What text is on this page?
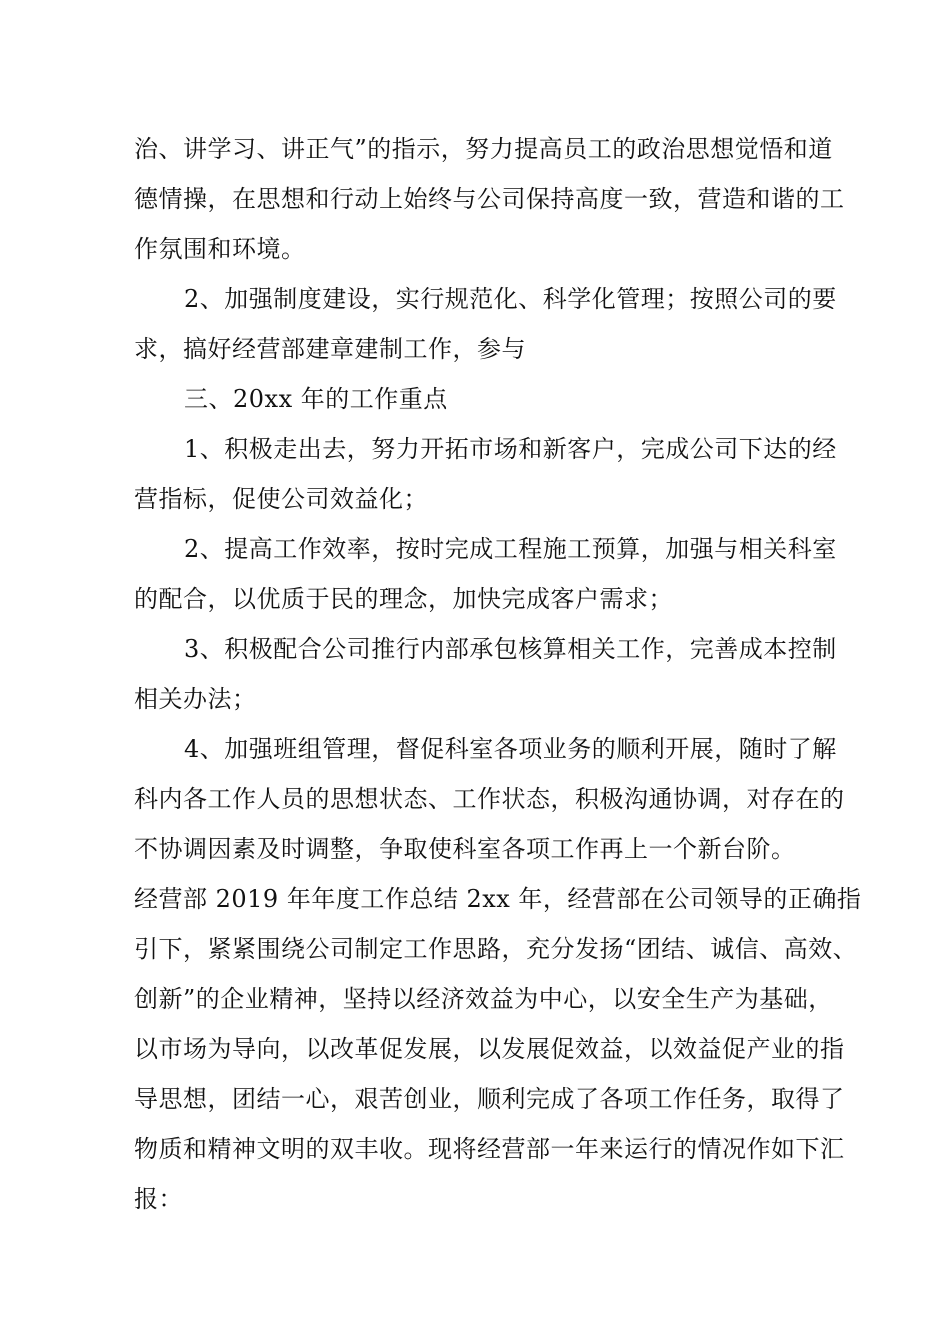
治、讲学习、讲正气”的指示，努力提高员工的政治思想觉悟和道
德情操，在思想和行动上始终与公司保持高度一致，营造和谐的工
作氛围和环境。

2、加强制度建设，实行规范化、科学化管理；按照公司的要
求，搞好经营部建章建制工作，参与

三、20xx 年的工作重点

1、积极走出去，努力开拓市场和新客户，完成公司下达的经
营指标，促使公司效益化；

2、提高工作效率，按时完成工程施工预算，加强与相关科室
的配合，以优质于民的理念，加快完成客户需求；

3、积极配合公司推行内部承包核算相关工作，完善成本控制
相关办法；

4、加强班组管理，督促科室各项业务的顺利开展，随时了解
科内各工作人员的思想状态、工作状态，积极沟通协调，对存在的
不协调因素及时调整，争取使科室各项工作再上一个新台阶。

经营部 2019 年年度工作总结 2xx 年，经营部在公司领导的正确指
引下，紧紧围绕公司制定工作思路，充分发扬“团结、诚信、高效、
创新”的企业精神，坚持以经济效益为中心，以安全生产为基础，
以市场为导向，以改革促发展，以发展促效益，以效益促产业的指
导思想，团结一心，艰苦创业，顺利完成了各项工作任务，取得了
物质和精神文明的双丰收。现将经营部一年来运行的情况作如下汇
报：
